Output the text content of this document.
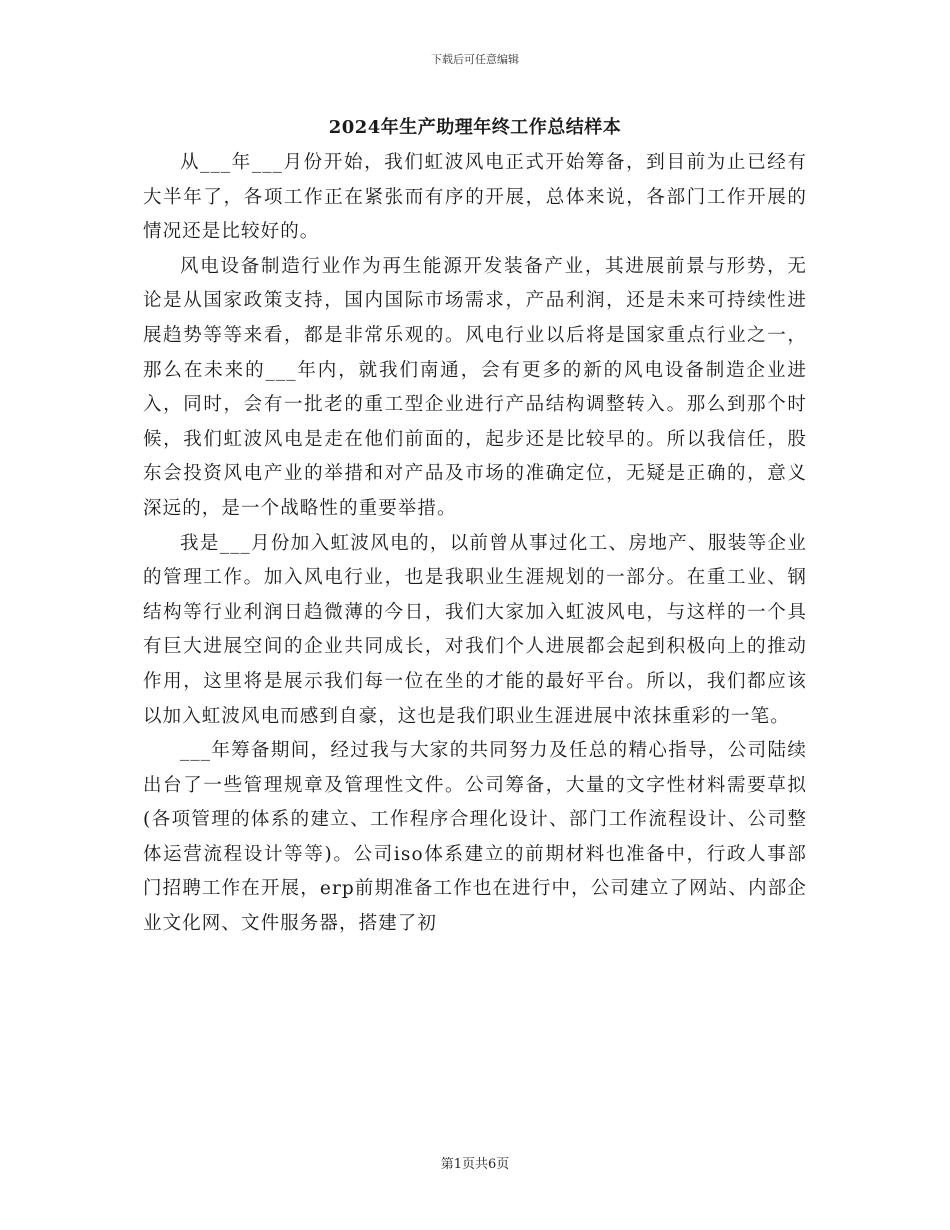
下载后可任意编辑
2024年生产助理年终工作总结样本

从___年___月份开始，我们虹波风电正式开始筹备，到目前为止已经有大半年了，各项工作正在紧张而有序的开展，总体来说，各部门工作开展的情况还是比较好的。

风电设备制造行业作为再生能源开发装备产业，其进展前景与形势，无论是从国家政策支持，国内国际市场需求，产品利润，还是未来可持续性进展趋势等等来看，都是非常乐观的。风电行业以后将是国家重点行业之一，那么在未来的___年内，就我们南通，会有更多的新的风电设备制造企业进入，同时，会有一批老的重工型企业进行产品结构调整转入。那么到那个时候，我们虹波风电是走在他们前面的，起步还是比较早的。所以我信任，股东会投资风电产业的举措和对产品及市场的准确定位，无疑是正确的，意义深远的，是一个战略性的重要举措。

我是___月份加入虹波风电的，以前曾从事过化工、房地产、服装等企业的管理工作。加入风电行业，也是我职业生涯规划的一部分。在重工业、钢结构等行业利润日趋微薄的今日，我们大家加入虹波风电，与这样的一个具有巨大进展空间的企业共同成长，对我们个人进展都会起到积极向上的推动作用，这里将是展示我们每一位在坐的才能的最好平台。所以，我们都应该以加入虹波风电而感到自豪，这也是我们职业生涯进展中浓抹重彩的一笔。

___年筹备期间，经过我与大家的共同努力及任总的精心指导，公司陆续出台了一些管理规章及管理性文件。公司筹备，大量的文字性材料需要草拟(各项管理的体系的建立、工作程序合理化设计、部门工作流程设计、公司整体运营流程设计等等)。公司iso体系建立的前期材料也准备中，行政人事部门招聘工作在开展，erp前期准备工作也在进行中，公司建立了网站、内部企业文化网、文件服务器，搭建了初

第1页共6页
